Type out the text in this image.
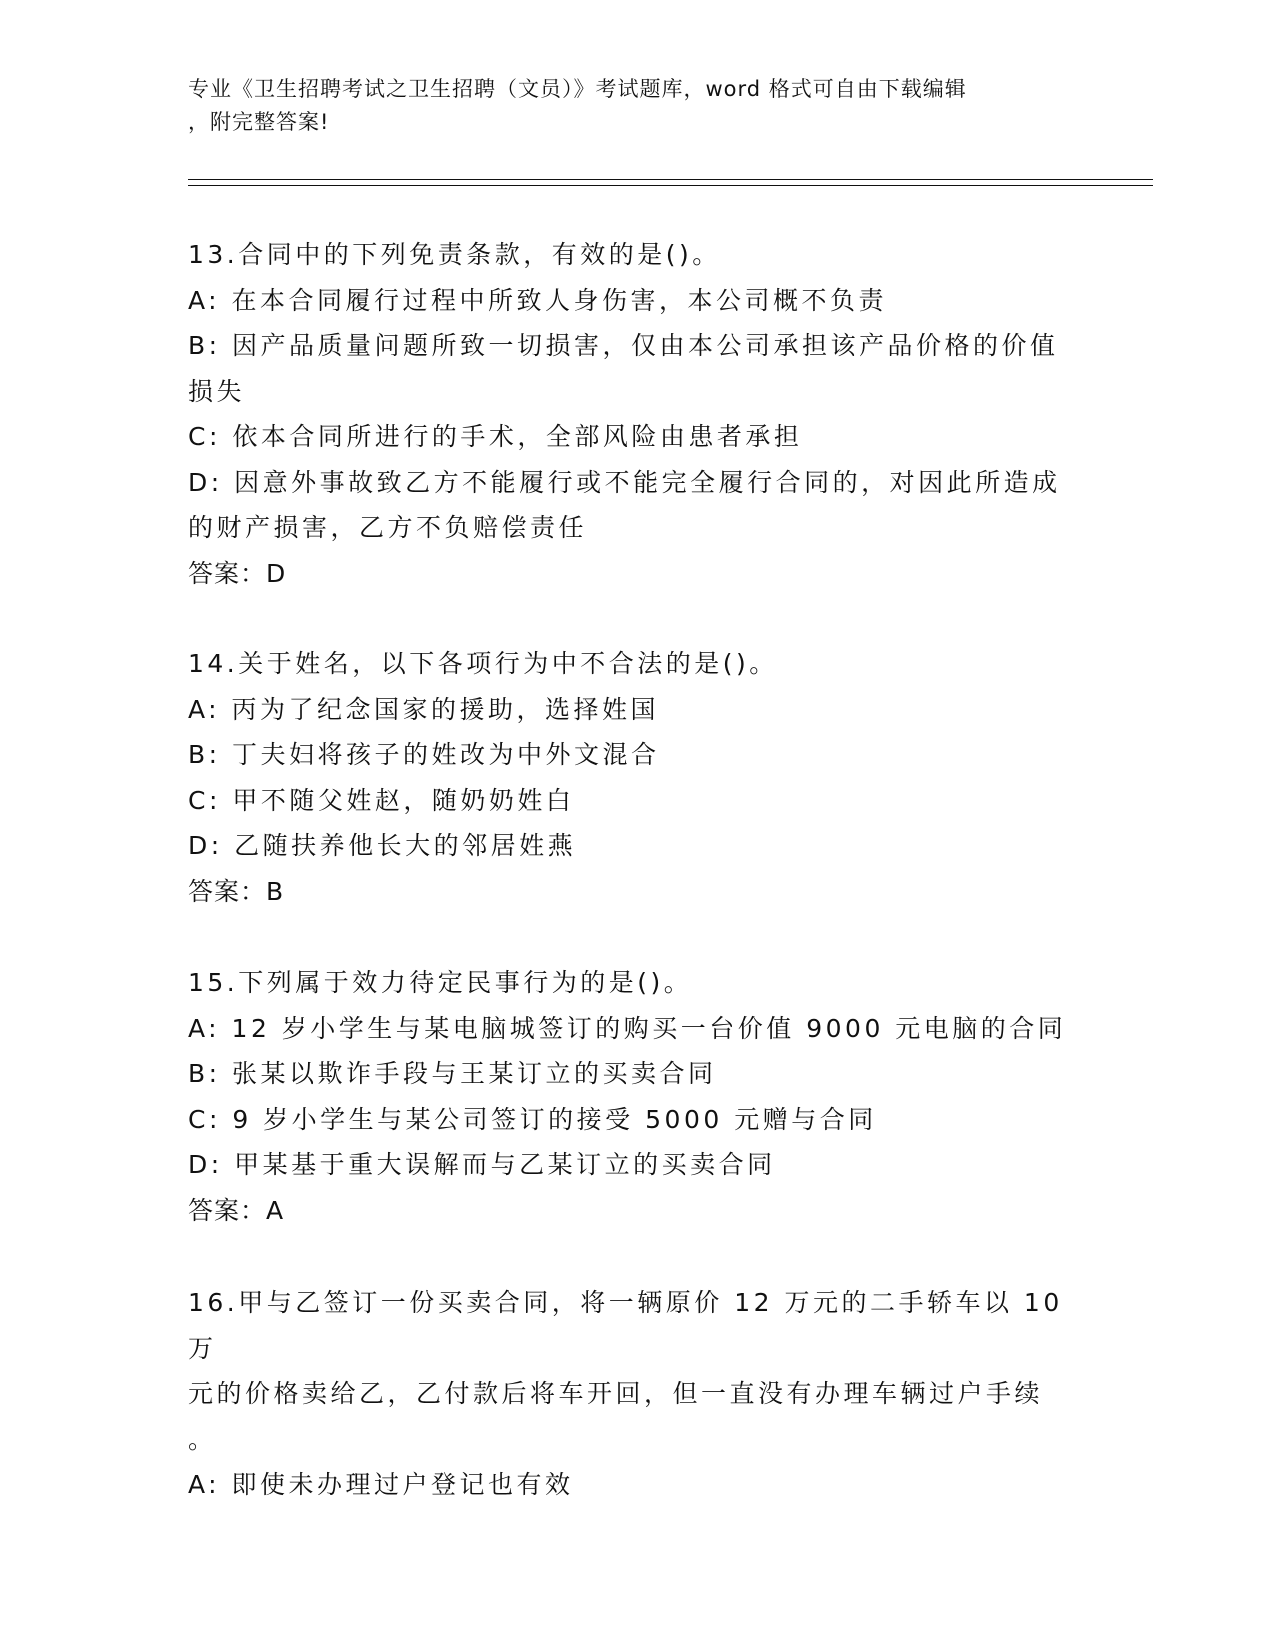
专业《卫生招聘考试之卫生招聘（文员）》考试题库，word 格式可自由下载编辑
，附完整答案!
13.合同中的下列免责条款，有效的是()。
A: 在本合同履行过程中所致人身伤害，本公司概不负责
B: 因产品质量问题所致一切损害，仅由本公司承担该产品价格的价值
损失
C: 依本合同所进行的手术，全部风险由患者承担
D: 因意外事故致乙方不能履行或不能完全履行合同的，对因此所造成
的财产损害，乙方不负赔偿责任
答案：D
14.关于姓名，以下各项行为中不合法的是()。
A: 丙为了纪念国家的援助，选择姓国
B: 丁夫妇将孩子的姓改为中外文混合
C: 甲不随父姓赵，随奶奶姓白
D: 乙随扶养他长大的邻居姓燕
答案：B
15.下列属于效力待定民事行为的是()。
A: 12 岁小学生与某电脑城签订的购买一台价值 9000 元电脑的合同
B: 张某以欺诈手段与王某订立的买卖合同
C: 9 岁小学生与某公司签订的接受 5000 元赠与合同
D: 甲某基于重大误解而与乙某订立的买卖合同
答案：A
16.甲与乙签订一份买卖合同，将一辆原价 12 万元的二手轿车以 10 万
元的价格卖给乙，乙付款后将车开回，但一直没有办理车辆过户手续
。
A: 即使未办理过户登记也有效
